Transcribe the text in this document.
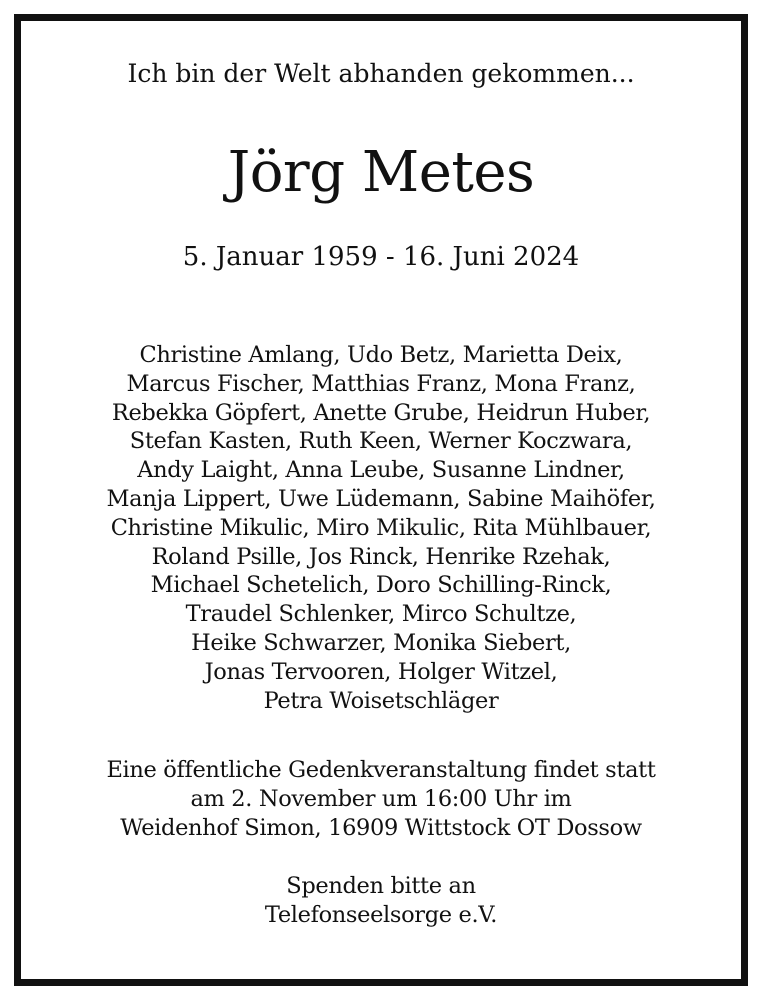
Ich bin der Welt abhanden gekommen...
Jörg Metes
5. Januar 1959 - 16. Juni 2024
Christine Amlang, Udo Betz, Marietta Deix,
Marcus Fischer, Matthias Franz, Mona Franz,
Rebekka Göpfert, Anette Grube, Heidrun Huber,
Stefan Kasten, Ruth Keen, Werner Koczwara,
Andy Laight, Anna Leube, Susanne Lindner,
Manja Lippert, Uwe Lüdemann, Sabine Maihöfer,
Christine Mikulic, Miro Mikulic, Rita Mühlbauer,
Roland Psille, Jos Rinck, Henrike Rzehak,
Michael Schetelich, Doro Schilling-Rinck,
Traudel Schlenker, Mirco Schultze,
Heike Schwarzer, Monika Siebert,
Jonas Tervooren, Holger Witzel,
Petra Woisetschläger
Eine öffentliche Gedenkveranstaltung findet statt
am 2. November um 16:00 Uhr im
Weidenhof Simon, 16909 Wittstock OT Dossow
Spenden bitte an
Telefonseelsorge e.V.
